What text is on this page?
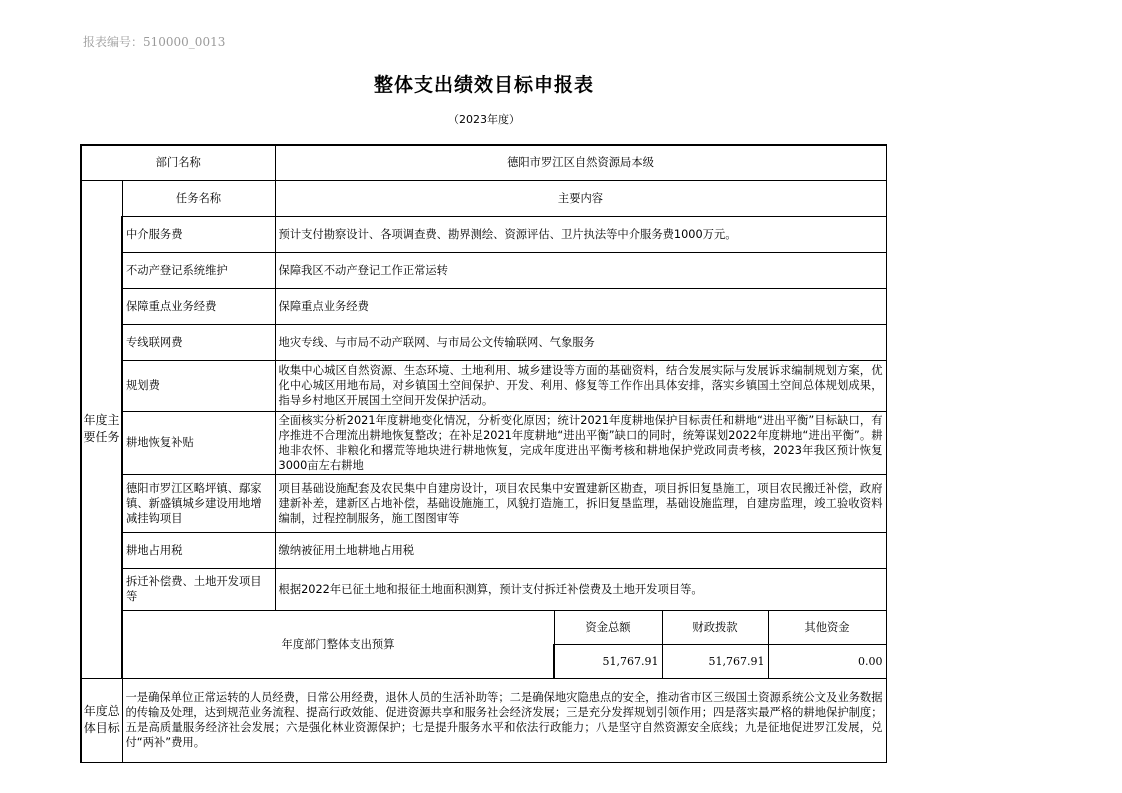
报表编号：510000_0013
整体支出绩效目标申报表
（2023年度）
部门名称		德阳市罗江区自然资源局本级			
年度主要任务	任务名称	主要内容			
	中介服务费	预计支付勘察设计、各项调查费、勘界测绘、资源评估、卫片执法等中介服务费1000万元。			
	不动产登记系统维护	保障我区不动产登记工作正常运转			
	保障重点业务经费	保障重点业务经费			
	专线联网费	地灾专线、与市局不动产联网、与市局公文传输联网、气象服务			
	规划费	收集中心城区自然资源、生态环境、土地利用、城乡建设等方面的基础资料，结合发展实际与发展诉求编制规划方案，优化中心城区用地布局，对乡镇国土空间保护、开发、利用、修复等工作作出具体安排，落实乡镇国土空间总体规划成果，指导乡村地区开展国土空间开发保护活动。			
	耕地恢复补贴	全面核实分析2021年度耕地变化情况，分析变化原因；统计2021年度耕地保护目标责任和耕地“进出平衡”目标缺口，有序推进不合理流出耕地恢复整改；在补足2021年度耕地“进出平衡”缺口的同时，统筹谋划2022年度耕地“进出平衡”。耕地非农怀、非粮化和撂荒等地块进行耕地恢复，完成年度进出平衡考核和耕地保护党政同责考核，2023年我区预计恢复3000亩左右耕地			
	德阳市罗江区略坪镇、鄢家镇、新盛镇城乡建设用地增减挂钩项目	项目基础设施配套及农民集中自建房设计，项目农民集中安置建新区勘查，项目拆旧复垦施工，项目农民搬迁补偿，政府建新补差，建新区占地补偿，基础设施施工，风貌打造施工，拆旧复垦监理，基础设施监理，自建房监理，竣工验收资料编制，过程控制服务，施工图图审等			
	耕地占用税	缴纳被征用土地耕地占用税			
	拆迁补偿费、土地开发项目等	根据2022年已征土地和报征土地面积测算，预计支付拆迁补偿费及土地开发项目等。			
	年度部门整体支出预算		资金总额	财政拨款	其他资金
			51,767.91	51,767.91	0.00
年度总体目标	一是确保单位正常运转的人员经费，日常公用经费，退休人员的生活补助等；二是确保地灾隐患点的安全，推动省市区三级国土资源系统公文及业务数据的传输及处理，达到规范业务流程、提高行政效能、促进资源共享和服务社会经济发展；三是充分发挥规划引领作用；四是落实最严格的耕地保护制度；五是高质量服务经济社会发展；六是强化林业资源保护；七是提升服务水平和依法行政能力；八是坚守自然资源安全底线；九是征地促进罗江发展，兑付“两补”费用。				
